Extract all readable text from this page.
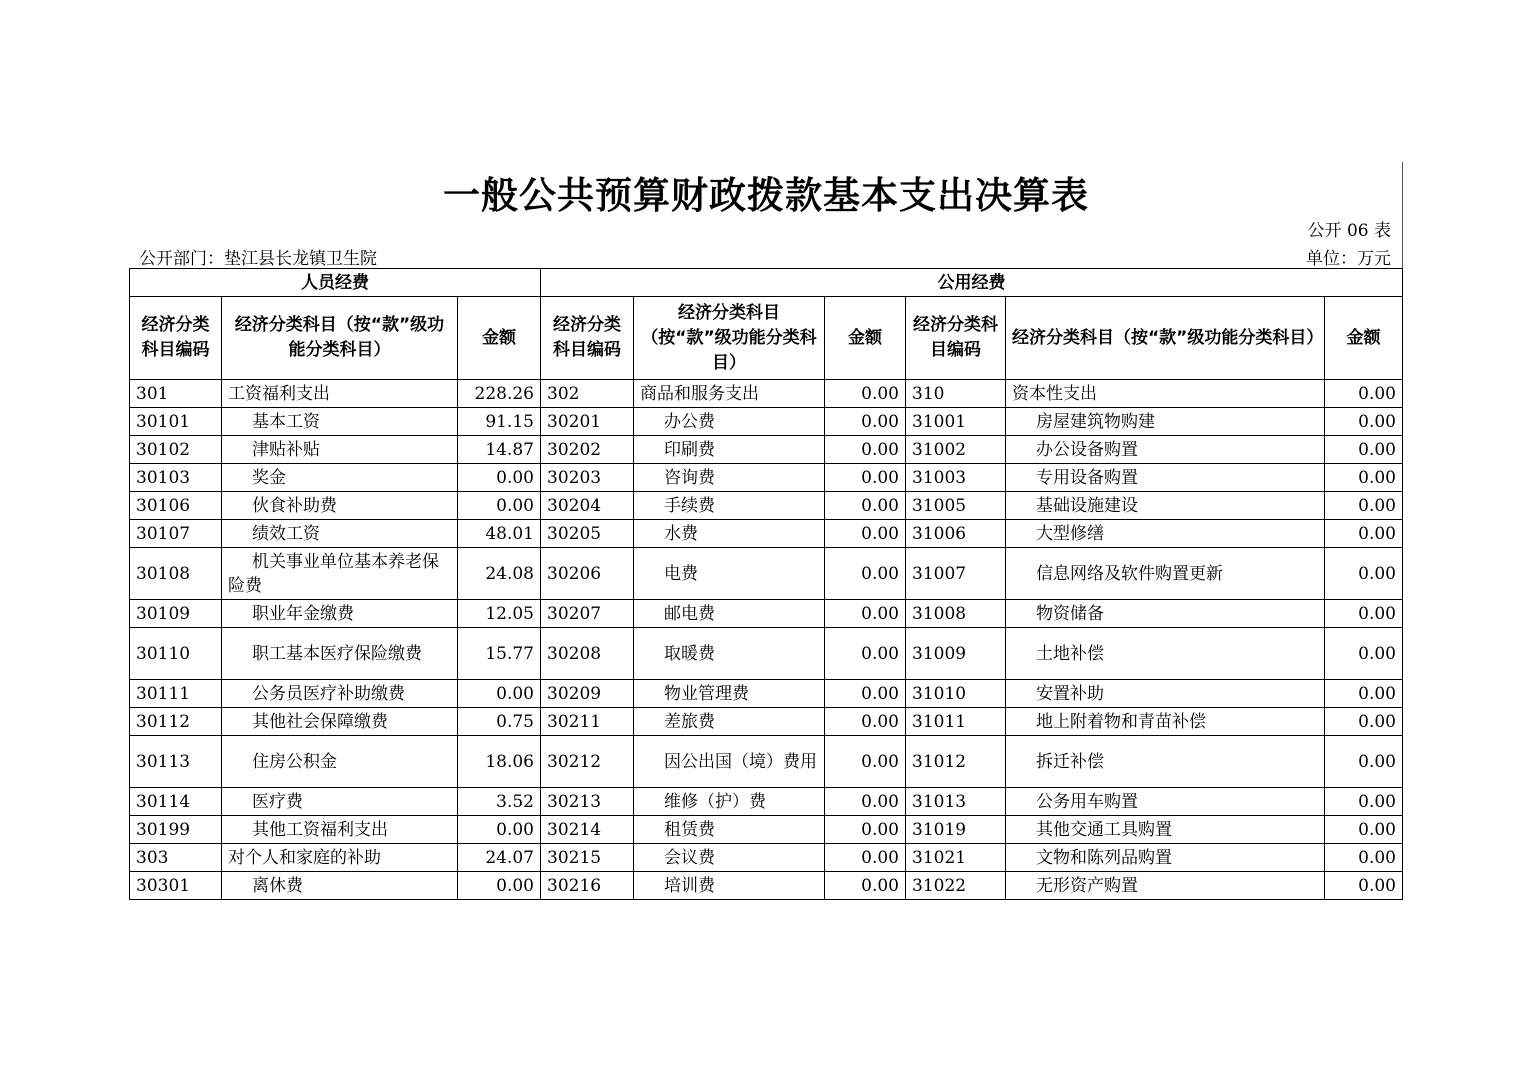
一般公共预算财政拨款基本支出决算表
公开 06 表
公开部门：垫江县长龙镇卫生院	单位：万元
人员经费			公用经费					
经济分类科目编码	经济分类科目（按“款”级功能分类科目）	金额	经济分类科目编码	经济分类科目（按“款”级功能分类科目）	金额	经济分类科目编码	经济分类科目（按“款”级功能分类科目）	金额
301	工资福利支出	228.26	302	商品和服务支出	0.00	310	资本性支出	0.00
30101	基本工资	91.15	30201	办公费	0.00	31001	房屋建筑物购建	0.00
30102	津贴补贴	14.87	30202	印刷费	0.00	31002	办公设备购置	0.00
30103	奖金	0.00	30203	咨询费	0.00	31003	专用设备购置	0.00
30106	伙食补助费	0.00	30204	手续费	0.00	31005	基础设施建设	0.00
30107	绩效工资	48.01	30205	水费	0.00	31006	大型修缮	0.00
30108	机关事业单位基本养老保险费	24.08	30206	电费	0.00	31007	信息网络及软件购置更新	0.00
30109	职业年金缴费	12.05	30207	邮电费	0.00	31008	物资储备	0.00
30110	职工基本医疗保险缴费	15.77	30208	取暖费	0.00	31009	土地补偿	0.00
30111	公务员医疗补助缴费	0.00	30209	物业管理费	0.00	31010	安置补助	0.00
30112	其他社会保障缴费	0.75	30211	差旅费	0.00	31011	地上附着物和青苗补偿	0.00
30113	住房公积金	18.06	30212	因公出国（境）费用	0.00	31012	拆迁补偿	0.00
30114	医疗费	3.52	30213	维修（护）费	0.00	31013	公务用车购置	0.00
30199	其他工资福利支出	0.00	30214	租赁费	0.00	31019	其他交通工具购置	0.00
303	对个人和家庭的补助	24.07	30215	会议费	0.00	31021	文物和陈列品购置	0.00
30301	离休费	0.00	30216	培训费	0.00	31022	无形资产购置	0.00
